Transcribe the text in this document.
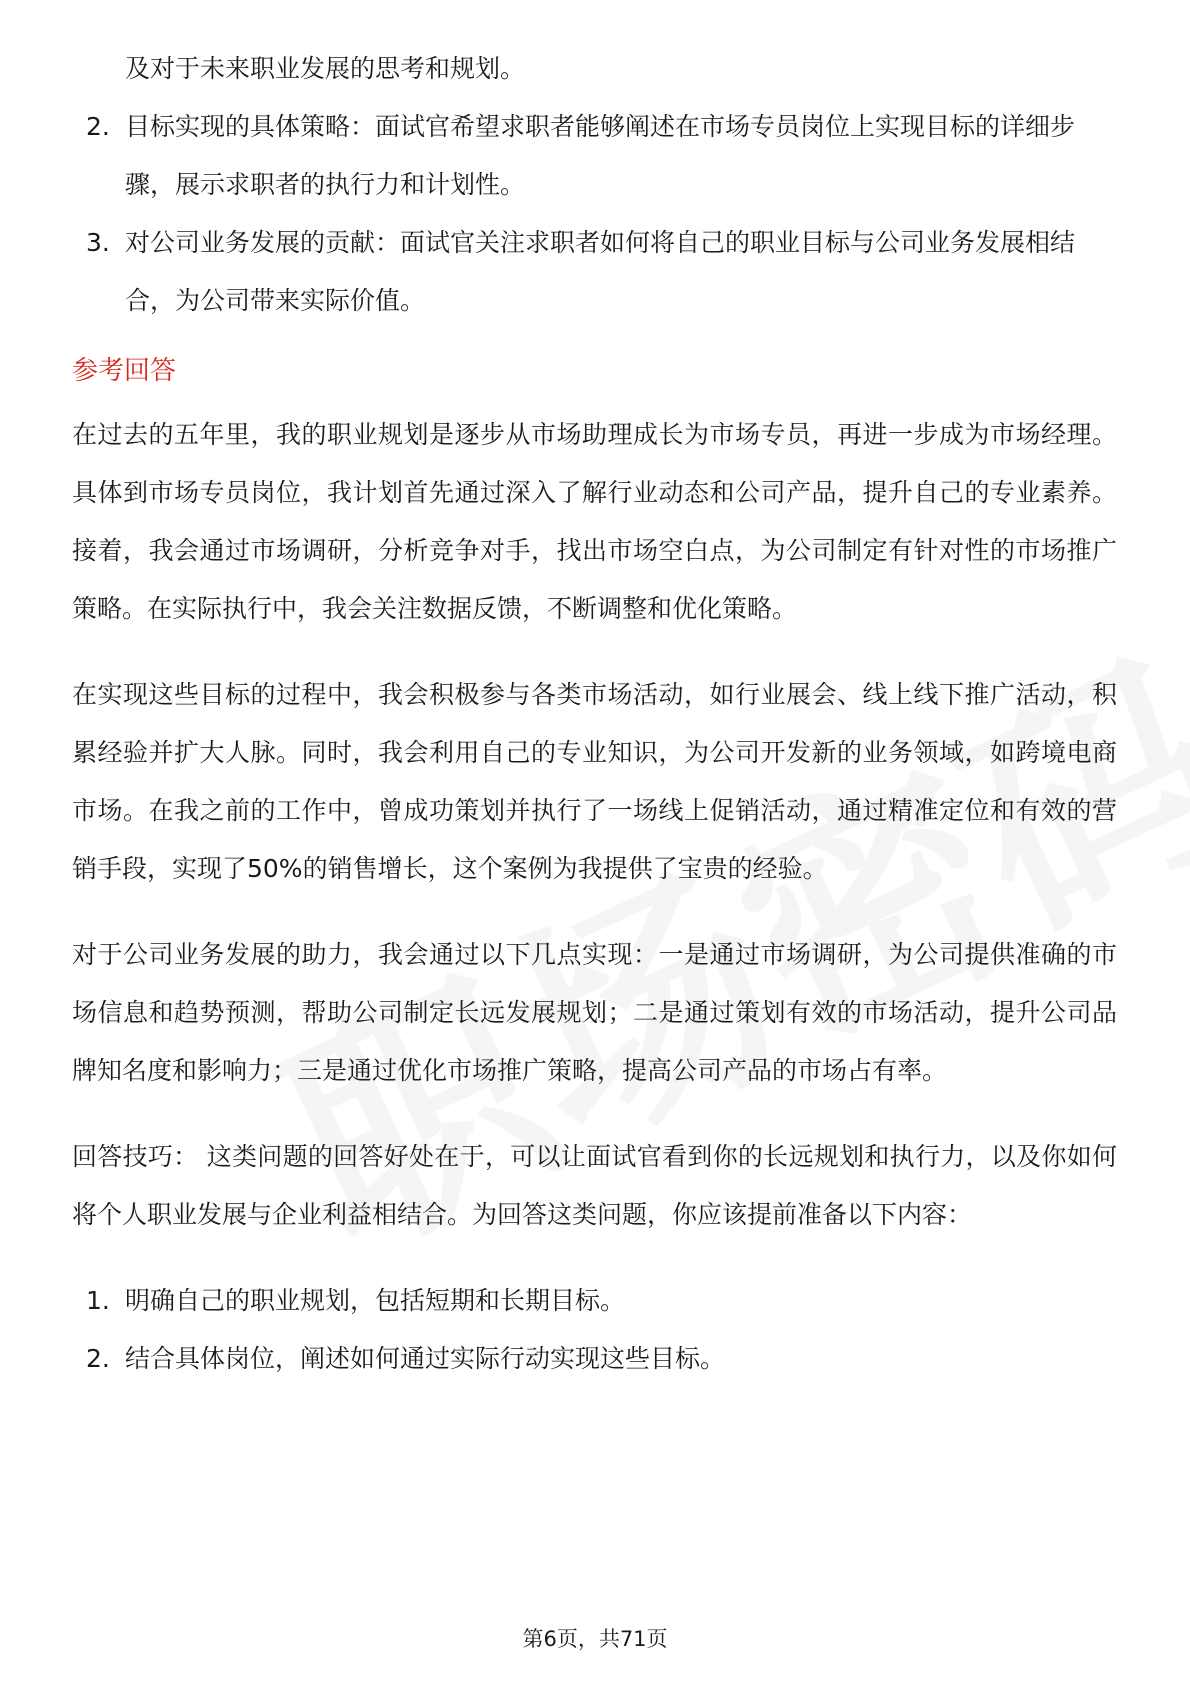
及对于未来职业发展的思考和规划。

2. 目标实现的具体策略：面试官希望求职者能够阐述在市场专员岗位上实现目标的详细步骤，展示求职者的执行力和计划性。
3. 对公司业务发展的贡献：面试官关注求职者如何将自己的职业目标与公司业务发展相结合，为公司带来实际价值。
参考回答

在过去的五年里，我的职业规划是逐步从市场助理成长为市场专员，再进一步成为市场经理。具体到市场专员岗位，我计划首先通过深入了解行业动态和公司产品，提升自己的专业素养。接着，我会通过市场调研，分析竞争对手，找出市场空白点，为公司制定有针对性的市场推广策略。在实际执行中，我会关注数据反馈，不断调整和优化策略。

在实现这些目标的过程中，我会积极参与各类市场活动，如行业展会、线上线下推广活动，积累经验并扩大人脉。同时，我会利用自己的专业知识，为公司开发新的业务领域，如跨境电商市场。在我之前的工作中，曾成功策划并执行了一场线上促销活动，通过精准定位和有效的营销手段，实现了50%的销售增长，这个案例为我提供了宝贵的经验。

对于公司业务发展的助力，我会通过以下几点实现：一是通过市场调研，为公司提供准确的市场信息和趋势预测，帮助公司制定长远发展规划；二是通过策划有效的市场活动，提升公司品牌知名度和影响力；三是通过优化市场推广策略，提高公司产品的市场占有率。

回答技巧： 这类问题的回答好处在于，可以让面试官看到你的长远规划和执行力，以及你如何将个人职业发展与企业利益相结合。为回答这类问题，你应该提前准备以下内容：

1. 明确自己的职业规划，包括短期和长期目标。
2. 结合具体岗位，阐述如何通过实际行动实现这些目标。
第6页，共71页
